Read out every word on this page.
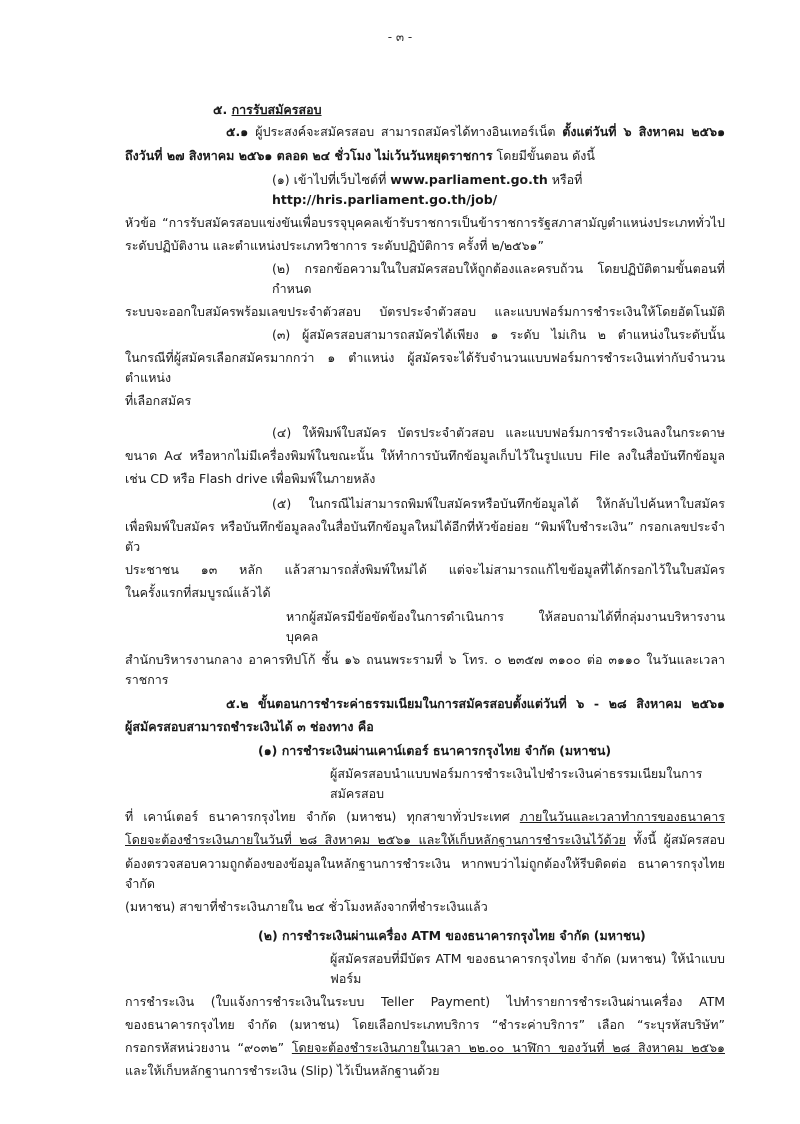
- ๓ -
๕. การรับสมัครสอบ
๕.๑ ผู้ประสงค์จะสมัครสอบ สามารถสมัครได้ทางอินเทอร์เน็ต ตั้งแต่วันที่ ๖ สิงหาคม ๒๕๖๑
ถึงวันที่ ๒๗ สิงหาคม ๒๕๖๑ ตลอด ๒๔ ชั่วโมง ไม่เว้นวันหยุดราชการ โดยมีขั้นตอน ดังนี้
(๑) เข้าไปที่เว็บไซต์ที่ www.parliament.go.th หรือที่ http://hris.parliament.go.th/job/
หัวข้อ “การรับสมัครสอบแข่งขันเพื่อบรรจุบุคคลเข้ารับราชการเป็นข้าราชการรัฐสภาสามัญตำแหน่งประเภททั่วไป
ระดับปฏิบัติงาน และตำแหน่งประเภทวิชาการ ระดับปฏิบัติการ ครั้งที่ ๒/๒๕๖๑”
(๒) กรอกข้อความในใบสมัครสอบให้ถูกต้องและครบถ้วน โดยปฏิบัติตามขั้นตอนที่กำหนด
ระบบจะออกใบสมัครพร้อมเลขประจำตัวสอบ บัตรประจำตัวสอบ และแบบฟอร์มการชำระเงินให้โดยอัตโนมัติ
(๓) ผู้สมัครสอบสามารถสมัครได้เพียง ๑ ระดับ ไม่เกิน ๒ ตำแหน่งในระดับนั้น
ในกรณีที่ผู้สมัครเลือกสมัครมากกว่า ๑ ตำแหน่ง ผู้สมัครจะได้รับจำนวนแบบฟอร์มการชำระเงินเท่ากับจำนวนตำแหน่ง
ที่เลือกสมัคร
(๔) ให้พิมพ์ใบสมัคร บัตรประจำตัวสอบ และแบบฟอร์มการชำระเงินลงในกระดาษ
ขนาด A๔ หรือหากไม่มีเครื่องพิมพ์ในขณะนั้น ให้ทำการบันทึกข้อมูลเก็บไว้ในรูปแบบ File ลงในสื่อบันทึกข้อมูล
เช่น CD หรือ Flash drive เพื่อพิมพ์ในภายหลัง
(๕) ในกรณีไม่สามารถพิมพ์ใบสมัครหรือบันทึกข้อมูลได้ ให้กลับไปค้นหาใบสมัคร
เพื่อพิมพ์ใบสมัคร หรือบันทึกข้อมูลลงในสื่อบันทึกข้อมูลใหม่ได้อีกที่หัวข้อย่อย “พิมพ์ใบชำระเงิน” กรอกเลขประจำตัว
ประชาชน ๑๓ หลัก แล้วสามารถสั่งพิมพ์ใหม่ได้ แต่จะไม่สามารถแก้ไขข้อมูลที่ได้กรอกไว้ในใบสมัคร
ในครั้งแรกที่สมบูรณ์แล้วได้
หากผู้สมัครมีข้อขัดข้องในการดำเนินการ ให้สอบถามได้ที่กลุ่มงานบริหารงานบุคคล
สำนักบริหารงานกลาง อาคารทิปโก้ ชั้น ๑๖ ถนนพระรามที่ ๖ โทร. ๐ ๒๓๕๗ ๓๑๐๐ ต่อ ๓๑๑๐ ในวันและเวลาราชการ
๕.๒ ขั้นตอนการชำระค่าธรรมเนียมในการสมัครสอบตั้งแต่วันที่ ๖ - ๒๘ สิงหาคม ๒๕๖๑
ผู้สมัครสอบสามารถชำระเงินได้ ๓ ช่องทาง คือ
(๑) การชำระเงินผ่านเคาน์เตอร์ ธนาคารกรุงไทย จำกัด (มหาชน)
ผู้สมัครสอบนำแบบฟอร์มการชำระเงินไปชำระเงินค่าธรรมเนียมในการสมัครสอบ
ที่ เคาน์เตอร์ ธนาคารกรุงไทย จำกัด (มหาชน) ทุกสาขาทั่วประเทศ ภายในวันและเวลาทำการของธนาคาร
โดยจะต้องชำระเงินภายในวันที่ ๒๘ สิงหาคม ๒๕๖๑ และให้เก็บหลักฐานการชำระเงินไว้ด้วย ทั้งนี้ ผู้สมัครสอบ
ต้องตรวจสอบความถูกต้องของข้อมูลในหลักฐานการชำระเงิน หากพบว่าไม่ถูกต้องให้รีบติดต่อ ธนาคารกรุงไทย จำกัด
(มหาชน) สาขาที่ชำระเงินภายใน ๒๔ ชั่วโมงหลังจากที่ชำระเงินแล้ว
(๒) การชำระเงินผ่านเครื่อง ATM ของธนาคารกรุงไทย จำกัด (มหาชน)
ผู้สมัครสอบที่มีบัตร ATM ของธนาคารกรุงไทย จำกัด (มหาชน) ให้นำแบบฟอร์ม
การชำระเงิน (ใบแจ้งการชำระเงินในระบบ Teller Payment) ไปทำรายการชำระเงินผ่านเครื่อง ATM
ของธนาคารกรุงไทย จำกัด (มหาชน) โดยเลือกประเภทบริการ “ชำระค่าบริการ” เลือก “ระบุรหัสบริษัท”
กรอกรหัสหน่วยงาน “๙๐๓๒” โดยจะต้องชำระเงินภายในเวลา ๒๒.๐๐ นาฬิกา ของวันที่ ๒๘ สิงหาคม ๒๕๖๑
และให้เก็บหลักฐานการชำระเงิน (Slip) ไว้เป็นหลักฐานด้วย
